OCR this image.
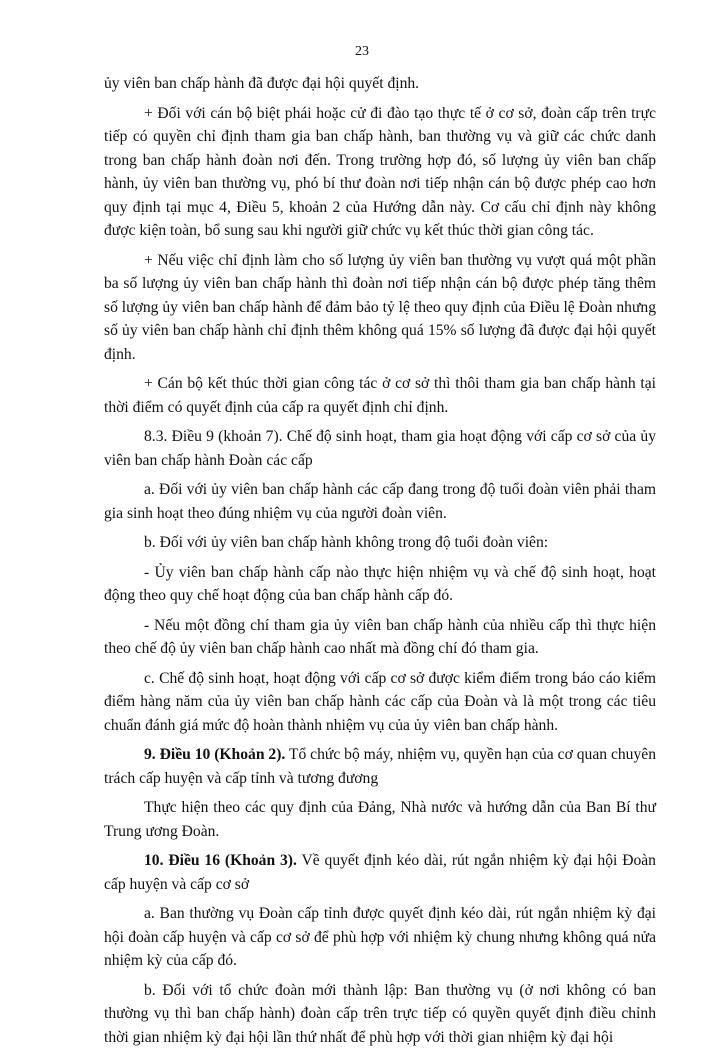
23

ủy viên ban chấp hành đã được đại hội quyết định.

+ Đối với cán bộ biệt phái hoặc cử đi đào tạo thực tế ở cơ sở, đoàn cấp trên trực tiếp có quyền chỉ định tham gia ban chấp hành, ban thường vụ và giữ các chức danh trong ban chấp hành đoàn nơi đến. Trong trường hợp đó, số lượng ủy viên ban chấp hành, ủy viên ban thường vụ, phó bí thư đoàn nơi tiếp nhận cán bộ được phép cao hơn quy định tại mục 4, Điều 5, khoản 2 của Hướng dẫn này. Cơ cấu chỉ định này không được kiện toàn, bổ sung sau khi người giữ chức vụ kết thúc thời gian công tác.

+ Nếu việc chỉ định làm cho số lượng ủy viên ban thường vụ vượt quá một phần ba số lượng ủy viên ban chấp hành thì đoàn nơi tiếp nhận cán bộ được phép tăng thêm số lượng ủy viên ban chấp hành để đảm bảo tỷ lệ theo quy định của Điều lệ Đoàn nhưng số ủy viên ban chấp hành chỉ định thêm không quá 15% số lượng đã được đại hội quyết định.

+ Cán bộ kết thúc thời gian công tác ở cơ sở thì thôi tham gia ban chấp hành tại thời điểm có quyết định của cấp ra quyết định chỉ định.

8.3. Điều 9 (khoản 7). Chế độ sinh hoạt, tham gia hoạt động với cấp cơ sở của ủy viên ban chấp hành Đoàn các cấp

a. Đối với ủy viên ban chấp hành các cấp đang trong độ tuổi đoàn viên phải tham gia sinh hoạt theo đúng nhiệm vụ của người đoàn viên.

b. Đối với ủy viên ban chấp hành không trong độ tuổi đoàn viên:

- Ủy viên ban chấp hành cấp nào thực hiện nhiệm vụ và chế độ sinh hoạt, hoạt động theo quy chế hoạt động của ban chấp hành cấp đó.

- Nếu một đồng chí tham gia ủy viên ban chấp hành của nhiều cấp thì thực hiện theo chế độ ủy viên ban chấp hành cao nhất mà đồng chí đó tham gia.

c. Chế độ sinh hoạt, hoạt động với cấp cơ sở được kiểm điểm trong báo cáo kiểm điểm hàng năm của ủy viên ban chấp hành các cấp của Đoàn và là một trong các tiêu chuẩn đánh giá mức độ hoàn thành nhiệm vụ của ủy viên ban chấp hành.

9. Điều 10 (Khoản 2). Tổ chức bộ máy, nhiệm vụ, quyền hạn của cơ quan chuyên trách cấp huyện và cấp tỉnh và tương đương

Thực hiện theo các quy định của Đảng, Nhà nước và hướng dẫn của Ban Bí thư Trung ương Đoàn.

10. Điều 16 (Khoản 3). Về quyết định kéo dài, rút ngắn nhiệm kỳ đại hội Đoàn cấp huyện và cấp cơ sở

a. Ban thường vụ Đoàn cấp tỉnh được quyết định kéo dài, rút ngắn nhiệm kỳ đại hội đoàn cấp huyện và cấp cơ sở để phù hợp với nhiệm kỳ chung nhưng không quá nửa nhiệm kỳ của cấp đó.

b. Đối với tổ chức đoàn mới thành lập: Ban thường vụ (ở nơi không có ban thường vụ thì ban chấp hành) đoàn cấp trên trực tiếp có quyền quyết định điều chỉnh thời gian nhiệm kỳ đại hội lần thứ nhất để phù hợp với thời gian nhiệm kỳ đại hội
